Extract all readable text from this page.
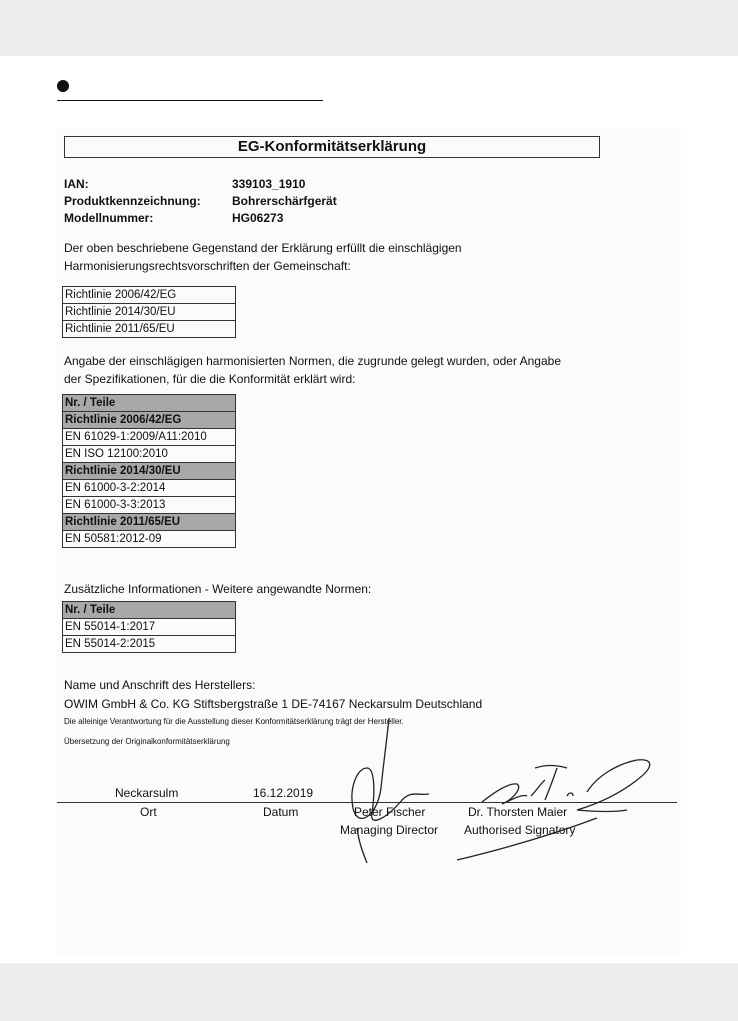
EG-Konformitätserklärung
IAN:	339103_1910
Produktkennzeichnung:	Bohrerschärfgerät
Modellnummer:	HG06273
Der oben beschriebene Gegenstand der Erklärung erfüllt die einschlägigen
Harmonisierungsrechtsvorschriften der Gemeinschaft:
Richtlinie 2006/42/EG
Richtlinie 2014/30/EU
Richtlinie 2011/65/EU
Angabe der einschlägigen harmonisierten Normen, die zugrunde gelegt wurden, oder Angabe
der Spezifikationen, für die die Konformität erklärt wird:
Nr. / Teile
Richtlinie 2006/42/EG
EN 61029-1:2009/A11:2010
EN ISO 12100:2010
Richtlinie 2014/30/EU
EN 61000-3-2:2014
EN 61000-3-3:2013
Richtlinie 2011/65/EU
EN 50581:2012-09
Zusätzliche Informationen - Weitere angewandte Normen:
Nr. / Teile
EN 55014-1:2017
EN 55014-2:2015
Name und Anschrift des Herstellers:
OWIM GmbH & Co. KG Stiftsbergstraße 1 DE-74167 Neckarsulm Deutschland
Die alleinige Verantwortung für die Ausstellung dieser Konformitätserklärung trägt der Hersteller.
Übersetzung der Originalkonformitätserklärung
Neckarsulm	16.12.2019
Ort	Datum	Peter Fischer
Managing Director
Dr. Thorsten Maier
Authorised Signatory
